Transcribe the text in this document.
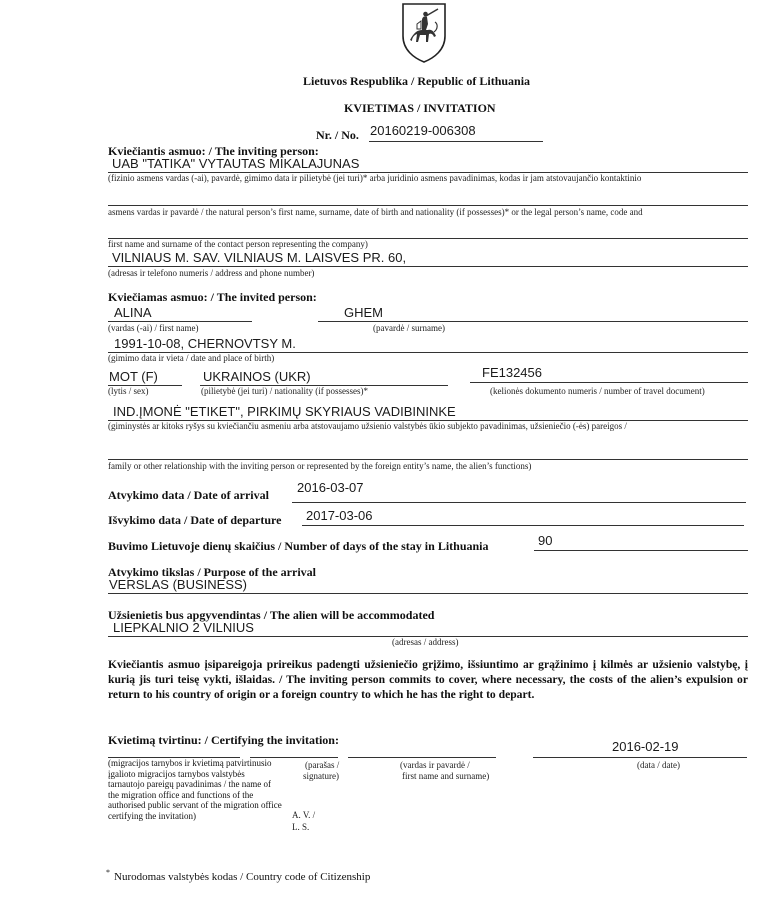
Lietuvos Respublika / Republic of Lithuania
KVIETIMAS / INVITATION
Nr. / No. 20160219-006308
Kviečiantis asmuo: / The inviting person:
UAB "TATIKA" VYTAUTAS MIKALAJUNAS
(fizinio asmens vardas (-ai), pavardė, gimimo data ir pilietybė (jei turi)* arba juridinio asmens pavadinimas, kodas ir jam atstovaujančio kontaktinio
asmens vardas ir pavardė / the natural person’s first name, surname, date of birth and nationality (if possesses)* or the legal person’s name, code and
first name and surname of the contact person representing the company)
VILNIAUS M. SAV. VILNIAUS M. LAISVES PR. 60,
(adresas ir telefono numeris / address and phone number)
Kviečiamas asmuo: / The invited person:
ALINA	GHEM
(vardas (-ai) / first name)	(pavardė / surname)
1991-10-08, CHERNOVTSY M.
(gimimo data ir vieta / date and place of birth)
MOT (F)	UKRAINOS (UKR)	FE132456
(lytis / sex)	(pilietybė (jei turi) / nationality (if possesses)*	(kelionės dokumento numeris / number of travel document)
IND.ĮMONĖ "ETIKET", PIRKIMŲ SKYRIAUS VADIBININKE
(giminystės ar kitoks ryšys su kviečiančiu asmeniu arba atstovaujamo užsienio valstybės ūkio subjekto pavadinimas, užsieniečio (-ės) pareigos /
family or other relationship with the inviting person or represented by the foreign entity’s name, the alien’s functions)
Atvykimo data / Date of arrival 2016-03-07
Išvykimo data / Date of departure 2017-03-06
Buvimo Lietuvoje dienų skaičius / Number of days of the stay in Lithuania	90
Atvykimo tikslas / Purpose of the arrival
VERSLAS (BUSINESS)
Užsienietis bus apgyvendintas / The alien will be accommodated
LIEPKALNIO 2 VILNIUS
(adresas / address)
Kviečiantis asmuo įsipareigoja prireikus padengti užsieniečio grįžimo, išsiuntimo ar grąžinimo į kilmės ar užsienio valstybę, į kurią jis turi teisę vykti, išlaidas. / The inviting person commits to cover, where necessary, the costs of the alien’s expulsion or return to his country of origin or a foreign country to which he has the right to depart.
Kvietimą tvirtinu: / Certifying the invitation:	2016-02-19
(migracijos tarnybos ir kvietimą patvirtinusio įgalioto migracijos tarnybos valstybės tarnautojo pareigų pavadinimas / the name of the migration office and functions of the authorised public servant of the migration office certifying the invitation)
(parašas /
signature)
(vardas ir pavardė /
first name and surname)
(data / date)
A. V. /
L. S.
* Nurodomas valstybės kodas / Country code of Citizenship
